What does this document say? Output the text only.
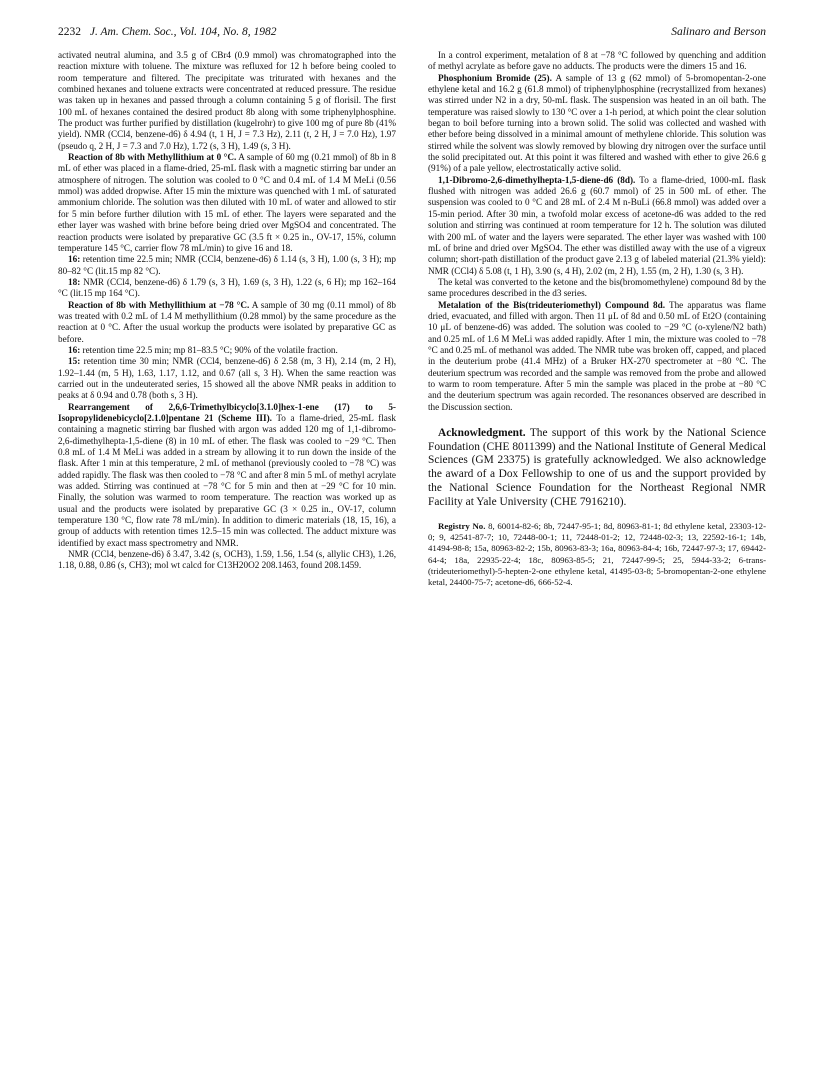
2232 J. Am. Chem. Soc., Vol. 104, No. 8, 1982	Salinaro and Berson

activated neutral alumina, and 3.5 g of CBr4 (0.9 mmol) was chromatographed into the reaction mixture with toluene. The mixture was refluxed for 12 h before being cooled to room temperature and filtered. The precipitate was triturated with hexanes and the combined hexanes and toluene extracts were concentrated at reduced pressure. The residue was taken up in hexanes and passed through a column containing 5 g of florisil. The first 100 mL of hexanes contained the desired product 8b along with some triphenylphosphine. The product was further purified by distillation (kugelrohr) to give 100 mg of pure 8b (41% yield). NMR (CCl4, benzene-d6) δ 4.94 (t, 1 H, J = 7.3 Hz), 2.11 (t, 2 H, J = 7.0 Hz), 1.97 (pseudo q, 2 H, J = 7.3 and 7.0 Hz), 1.72 (s, 3 H), 1.49 (s, 3 H).

Reaction of 8b with Methyllithium at 0 °C. A sample of 60 mg (0.21 mmol) of 8b in 8 mL of ether was placed in a flame-dried, 25-mL flask with a magnetic stirring bar under an atmosphere of nitrogen. The solution was cooled to 0 °C and 0.4 mL of 1.4 M MeLi (0.56 mmol) was added dropwise. After 15 min the mixture was quenched with 1 mL of saturated ammonium chloride. The solution was then diluted with 10 mL of water and allowed to stir for 5 min before further dilution with 15 mL of ether. The layers were separated and the ether layer was washed with brine before being dried over MgSO4 and concentrated. The reaction products were isolated by preparative GC (3.5 ft × 0.25 in., OV-17, 15%, column temperature 145 °C, carrier flow 78 mL/min) to give 16 and 18.

16: retention time 22.5 min; NMR (CCl4, benzene-d6) δ 1.14 (s, 3 H), 1.00 (s, 3 H); mp 80–82 °C (lit.15 mp 82 °C).

18: NMR (CCl4, benzene-d6) δ 1.79 (s, 3 H), 1.69 (s, 3 H), 1.22 (s, 6 H); mp 162–164 °C (lit.15 mp 164 °C).

Reaction of 8b with Methyllithium at −78 °C. A sample of 30 mg (0.11 mmol) of 8b was treated with 0.2 mL of 1.4 M methyllithium (0.28 mmol) by the same procedure as the reaction at 0 °C. After the usual workup the products were isolated by preparative GC as before.

16: retention time 22.5 min; mp 81–83.5 °C; 90% of the volatile fraction.

15: retention time 30 min; NMR (CCl4, benzene-d6) δ 2.58 (m, 3 H), 2.14 (m, 2 H), 1.92–1.44 (m, 5 H), 1.63, 1.17, 1.12, and 0.67 (all s, 3 H). When the same reaction was carried out in the undeuterated series, 15 showed all the above NMR peaks in addition to peaks at δ 0.94 and 0.78 (both s, 3 H).

Rearrangement of 2,6,6-Trimethylbicyclo[3.1.0]hex-1-ene (17) to 5-Isopropylidenebicyclo[2.1.0]pentane 21 (Scheme III). To a flame-dried, 25-mL flask containing a magnetic stirring bar flushed with argon was added 120 mg of 1,1-dibromo-2,6-dimethylhepta-1,5-diene (8) in 10 mL of ether. The flask was cooled to −29 °C. Then 0.8 mL of 1.4 M MeLi was added in a stream by allowing it to run down the inside of the flask. After 1 min at this temperature, 2 mL of methanol (previously cooled to −78 °C) was added rapidly. The flask was then cooled to −78 °C and after 8 min 5 mL of methyl acrylate was added. Stirring was continued at −78 °C for 5 min and then at −29 °C for 10 min. Finally, the solution was warmed to room temperature. The reaction was worked up as usual and the products were isolated by preparative GC (3 × 0.25 in., OV-17, column temperature 130 °C, flow rate 78 mL/min). In addition to dimeric materials (18, 15, 16), a group of adducts with retention times 12.5–15 min was collected. The adduct mixture was identified by exact mass spectrometry and NMR.

NMR (CCl4, benzene-d6) δ 3.47, 3.42 (s, OCH3), 1.59, 1.56, 1.54 (s, allylic CH3), 1.26, 1.18, 0.88, 0.86 (s, CH3); mol wt calcd for C13H20O2 208.1463, found 208.1459.

In a control experiment, metalation of 8 at −78 °C followed by quenching and addition of methyl acrylate as before gave no adducts. The products were the dimers 15 and 16.

Phosphonium Bromide (25). A sample of 13 g (62 mmol) of 5-bromopentan-2-one ethylene ketal and 16.2 g (61.8 mmol) of triphenylphosphine (recrystallized from hexanes) was stirred under N2 in a dry, 50-mL flask. The suspension was heated in an oil bath. The temperature was raised slowly to 130 °C over a 1-h period, at which point the clear solution began to boil before turning into a brown solid. The solid was collected and washed with ether before being dissolved in a minimal amount of methylene chloride. This solution was stirred while the solvent was slowly removed by blowing dry nitrogen over the surface until the solid precipitated out. At this point it was filtered and washed with ether to give 26.6 g (91%) of a pale yellow, electrostatically active solid.

1,1-Dibromo-2,6-dimethylhepta-1,5-diene-d6 (8d). To a flame-dried, 1000-mL flask flushed with nitrogen was added 26.6 g (60.7 mmol) of 25 in 500 mL of ether. The suspension was cooled to 0 °C and 28 mL of 2.4 M n-BuLi (66.8 mmol) was added over a 15-min period. After 30 min, a twofold molar excess of acetone-d6 was added to the red solution and stirring was continued at room temperature for 12 h. The solution was diluted with 200 mL of water and the layers were separated. The ether layer was washed with 100 mL of brine and dried over MgSO4. The ether was distilled away with the use of a vigreux column; short-path distillation of the product gave 2.13 g of labeled material (21.3% yield): NMR (CCl4) δ 5.08 (t, 1 H), 3.90 (s, 4 H), 2.02 (m, 2 H), 1.55 (m, 2 H), 1.30 (s, 3 H).

The ketal was converted to the ketone and the bis(bromomethylene) compound 8d by the same procedures described in the d3 series.

Metalation of the Bis(trideuteriomethyl) Compound 8d. The apparatus was flame dried, evacuated, and filled with argon. Then 11 μL of 8d and 0.50 mL of Et2O (containing 10 μL of benzene-d6) was added. The solution was cooled to −29 °C (o-xylene/N2 bath) and 0.25 mL of 1.6 M MeLi was added rapidly. After 1 min, the mixture was cooled to −78 °C and 0.25 mL of methanol was added. The NMR tube was broken off, capped, and placed in the deuterium probe (41.4 MHz) of a Bruker HX-270 spectrometer at −80 °C. The deuterium spectrum was recorded and the sample was removed from the probe and allowed to warm to room temperature. After 5 min the sample was placed in the probe at −80 °C and the deuterium spectrum was again recorded. The resonances observed are described in the Discussion section.

Acknowledgment. The support of this work by the National Science Foundation (CHE 8011399) and the National Institute of General Medical Sciences (GM 23375) is gratefully acknowledged. We also acknowledge the award of a Dox Fellowship to one of us and the support provided by the National Science Foundation for the Northeast Regional NMR Facility at Yale University (CHE 7916210).

Registry No. 8, 60014-82-6; 8b, 72447-95-1; 8d, 80963-81-1; 8d ethylene ketal, 23303-12-0; 9, 42541-87-7; 10, 72448-00-1; 11, 72448-01-2; 12, 72448-02-3; 13, 22592-16-1; 14b, 41494-98-8; 15a, 80963-82-2; 15b, 80963-83-3; 16a, 80963-84-4; 16b, 72447-97-3; 17, 69442-64-4; 18a, 22935-22-4; 18c, 80963-85-5; 21, 72447-99-5; 25, 5944-33-2; 6-trans-(trideuteriomethyl)-5-hepten-2-one ethylene ketal, 41495-03-8; 5-bromopentan-2-one ethylene ketal, 24400-75-7; acetone-d6, 666-52-4.
